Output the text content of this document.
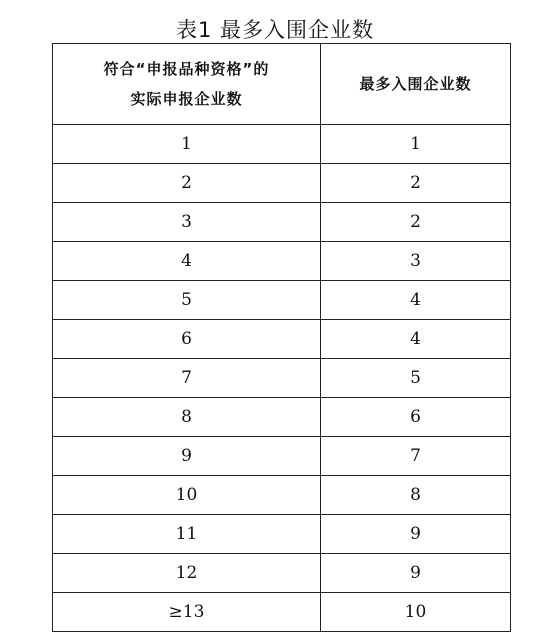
表1 最多入围企业数
符合“申报品种资格”的
实际申报企业数	最多入围企业数
1	1
2	2
3	2
4	3
5	4
6	4
7	5
8	6
9	7
10	8
11	9
12	9
≥13	10
